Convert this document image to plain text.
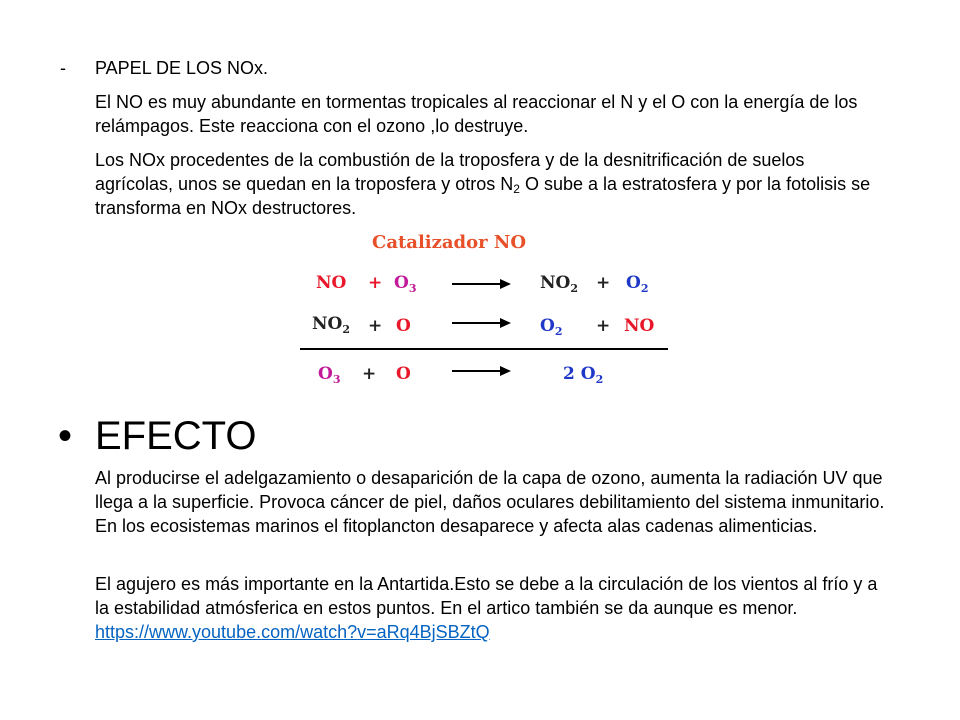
- PAPEL DE LOS NOx.

El NO es muy abundante en tormentas tropicales al reaccionar el N y el O con la energía de los relámpagos. Este reacciona con el ozono ,lo destruye.

Los NOx procedentes de la combustión de la troposfera y de la desnitrificación de suelos agrícolas, unos se quedan en la troposfera y otros $N_2$ O sube a la estratosfera y por la fotolisis se transforma en NOx destructores.

Catalizador NO
NO + $O_3$	$NO_2 + O_2$
$NO_2 + O$	$O_2$ + NO
$O_3 + O$	2 $O_2$
• EFECTO

Al producirse el adelgazamiento o desaparición de la capa de ozono, aumenta la radiación UV que llega a la superficie. Provoca cáncer de piel, daños oculares debilitamiento del sistema inmunitario. En los ecosistemas marinos el fitoplancton desaparece y afecta alas cadenas alimenticias.

El agujero es más importante en la Antartida.Esto se debe a la circulación de los vientos al frío y a la estabilidad atmósferica en estos puntos. En el artico también se da aunque es menor. https://www.youtube.com/watch?v=aRq4BjSBZtQ
